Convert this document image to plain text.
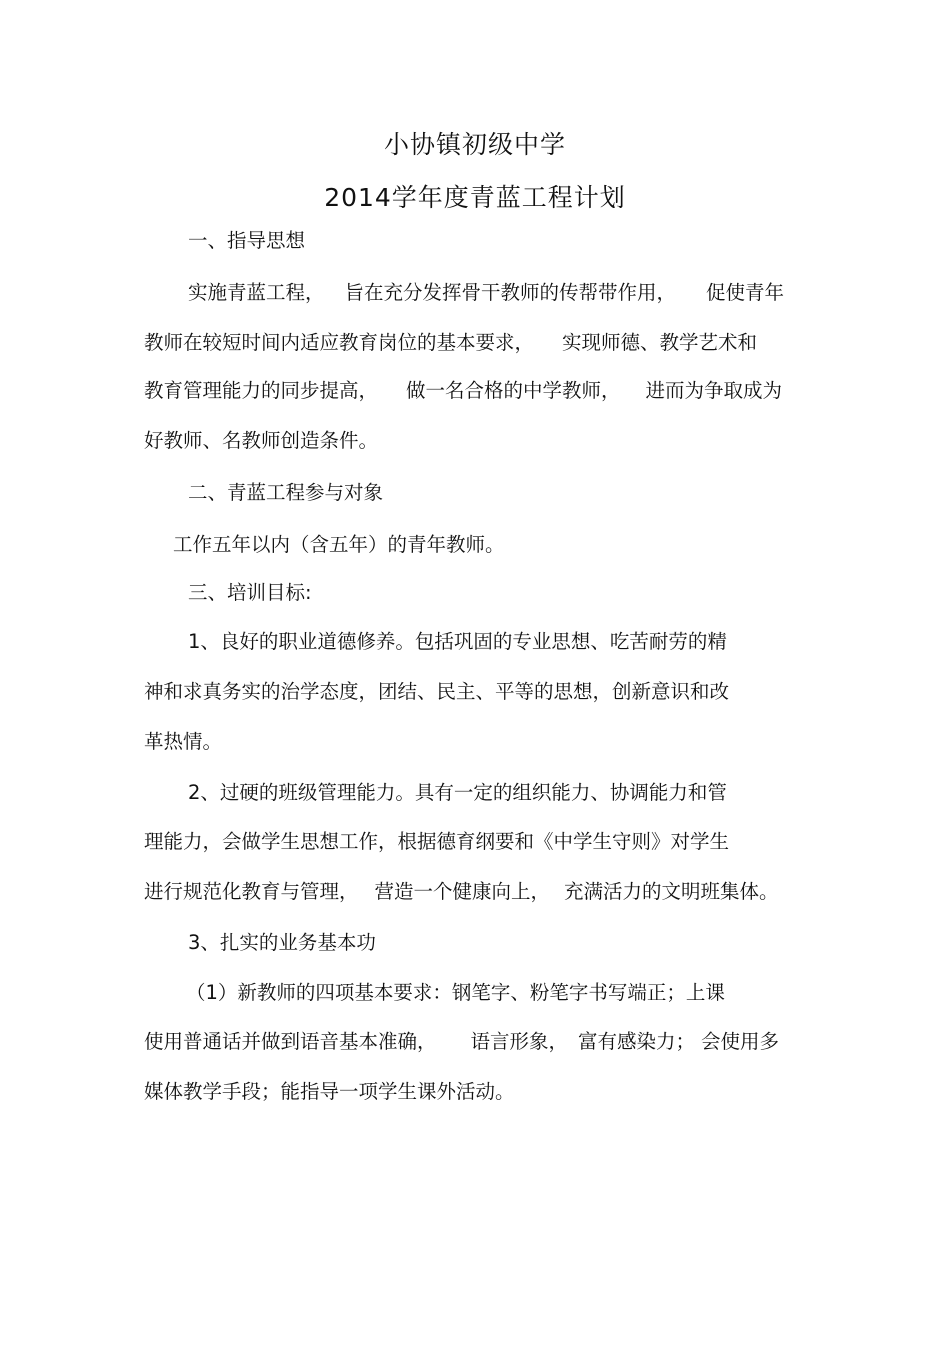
小协镇初级中学
2014学年度青蓝工程计划
一、指导思想
实施青蓝工程， 旨在充分发挥骨干教师的传帮带作用， 促使青年
教师在较短时间内适应教育岗位的基本要求， 实现师德、教学艺术和
教育管理能力的同步提高， 做一名合格的中学教师， 进而为争取成为
好教师、名教师创造条件。
二、青蓝工程参与对象
工作五年以内（含五年）的青年教师。
三、培训目标:
1、良好的职业道德修养。包括巩固的专业思想、吃苦耐劳的精
神和求真务实的治学态度，团结、民主、平等的思想，创新意识和改
革热情。
2、过硬的班级管理能力。具有一定的组织能力、协调能力和管
理能力，会做学生思想工作，根据德育纲要和《中学生守则》对学生
进行规范化教育与管理， 营造一个健康向上， 充满活力的文明班集体。
3、扎实的业务基本功
（1）新教师的四项基本要求：钢笔字、粉笔字书写端正；上课
使用普通话并做到语音基本准确， 语言形象， 富有感染力； 会使用多
媒体教学手段；能指导一项学生课外活动。
